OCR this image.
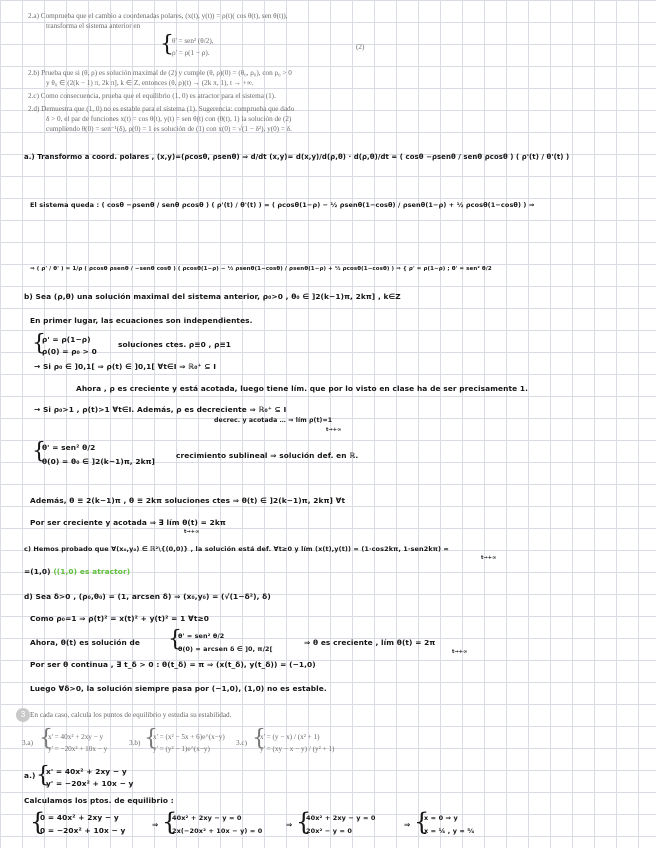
2.a) Comprueba que el cambio a coordenadas polares, (x(t), y(t)) = ρ(t)( cos θ(t), sen θ(t)),
transforma el sistema anterior en
{
θ' = sen² (θ/2),
ρ' = ρ(1 − ρ).
(2)
2.b) Prueba que si (θ, ρ) es solución maximal de (2) y cumple (θ, ρ)(0) = (θ₀, ρ₀), con ρ₀ > 0
y θ₀ ∈ (2(k − 1) π, 2k π], k ∈ Z, entonces (θ, ρ)(t) → (2k π, 1), t → +∞.
2.c) Como consecuencia, prueba que el equilibrio (1, 0) es atractor para el sistema (1).
2.d) Demuestra que (1, 0) no es estable para el sistema (1). Sugerencia: comprueba que dado
δ > 0, el par de funciones x(t) = cos θ(t), y(t) = sen θ(t) con (θ(t), 1) la solución de (2)
cumpliendo θ(0) = sen⁻¹(δ), ρ(0) = 1 es solución de (1) con x(0) = √(1 − δ²), y(0) = δ.
a.) Transformo a coord. polares , (x,y)=(ρcosθ, ρsenθ) ⇒ d/dt (x,y)= d(x,y)/d(ρ,θ) · d(ρ,θ)/dt = ( cosθ −ρsenθ / senθ ρcosθ ) ( ρ'(t) / θ'(t) )
El sistema queda : ( cosθ −ρsenθ / senθ ρcosθ ) ( ρ'(t) / θ'(t) ) = ( ρcosθ(1−ρ) − ½ ρsenθ(1−cosθ) / ρsenθ(1−ρ) + ½ ρcosθ(1−cosθ) ) ⇒
⇒ ( ρ' / θ' ) = 1/ρ ( ρcosθ ρsenθ / −senθ cosθ ) ( ρcosθ(1−ρ) − ½ ρsenθ(1−cosθ) / ρsenθ(1−ρ) + ½ ρcosθ(1−cosθ) ) ⇒ { ρ' = ρ(1−ρ) ; θ' = sen² θ/2
b) Sea (ρ,θ) una solución maximal del sistema anterior, ρ₀>0 , θ₀ ∈ ]2(k−1)π, 2kπ] , k∈Z
En primer lugar, las ecuaciones son independientes.
{
ρ' = ρ(1−ρ)
ρ(0) = ρ₀ > 0
soluciones ctes. ρ≡0 , ρ≡1
→ Si ρ₀ ∈ ]0,1[ ⇒ ρ(t) ∈ ]0,1[ ∀t∈I ⇒ ℝ₀⁺ ⊆ I
Ahora , ρ es creciente y está acotada, luego tiene lím. que por lo visto en clase ha de ser precisamente 1.
→ Si ρ₀>1 , ρ(t)>1 ∀t∈I. Además, ρ es decreciente ⇒ ℝ₀⁺ ⊆ I
decrec. y acotada … ⇒ lím ρ(t)=1
t→+∞
{
θ' = sen² θ/2
θ(0) = θ₀ ∈ ]2(k−1)π, 2kπ]
crecimiento sublineal ⇒ solución def. en ℝ.
Además, θ ≡ 2(k−1)π , θ ≡ 2kπ soluciones ctes ⇒ θ(t) ∈ ]2(k−1)π, 2kπ] ∀t
Por ser creciente y acotada ⇒ ∃ lím θ(t) = 2kπ
t→+∞
c) Hemos probado que ∀(x₀,y₀) ∈ ℝ²\{(0,0)} , la solución está def. ∀t≥0 y lím (x(t),y(t)) = (1·cos2kπ, 1·sen2kπ) =
t→+∞
=(1,0) ((1,0) es atractor)
d) Sea δ>0 , (ρ₀,θ₀) = (1, arcsen δ) ⇒ (x₀,y₀) = (√(1−δ²), δ)
Como ρ₀=1 ⇒ ρ(t)² = x(t)² + y(t)² = 1 ∀t≥0
Ahora, θ(t) es solución de {
θ' = sen² θ/2
θ(0) = arcsen δ ∈ ]0, π/2[
⇒ θ es creciente , lím θ(t) = 2π
t→+∞
Por ser θ continua , ∃ t_δ > 0 : θ(t_δ) = π ⇒ (x(t_δ), y(t_δ)) = (−1,0)
Luego ∀δ>0, la solución siempre pasa por (−1,0), (1,0) no es estable.
3 En cada caso, calcula los puntos de equilibrio y estudia su estabilidad.
3.a) {
x' = 40x² + 2xy − y
y' = −20x² + 10x − y
3.b) {
x' = (x² − 5x + 6)e^(x−y)
y' = (y² − 1)e^(x−y)
3.c) {
x' = (y − x) / (x² + 1)
y' = (xy − x − y) / (y² + 1)
a.) {
x' = 40x² + 2xy − y
y' = −20x² + 10x − y
Calculamos los ptos. de equilibrio :
{
0 = 40x² + 2xy − y
0 = −20x² + 10x − y
⇒ {
40x² + 2xy − y = 0
2x(−20x² + 10x − y) = 0
⇒ {
40x² + 2xy − y = 0
20x² − y = 0
⇒ {
x = 0 ⇒ y
x = ¼ , y = ⁵⁄₄
